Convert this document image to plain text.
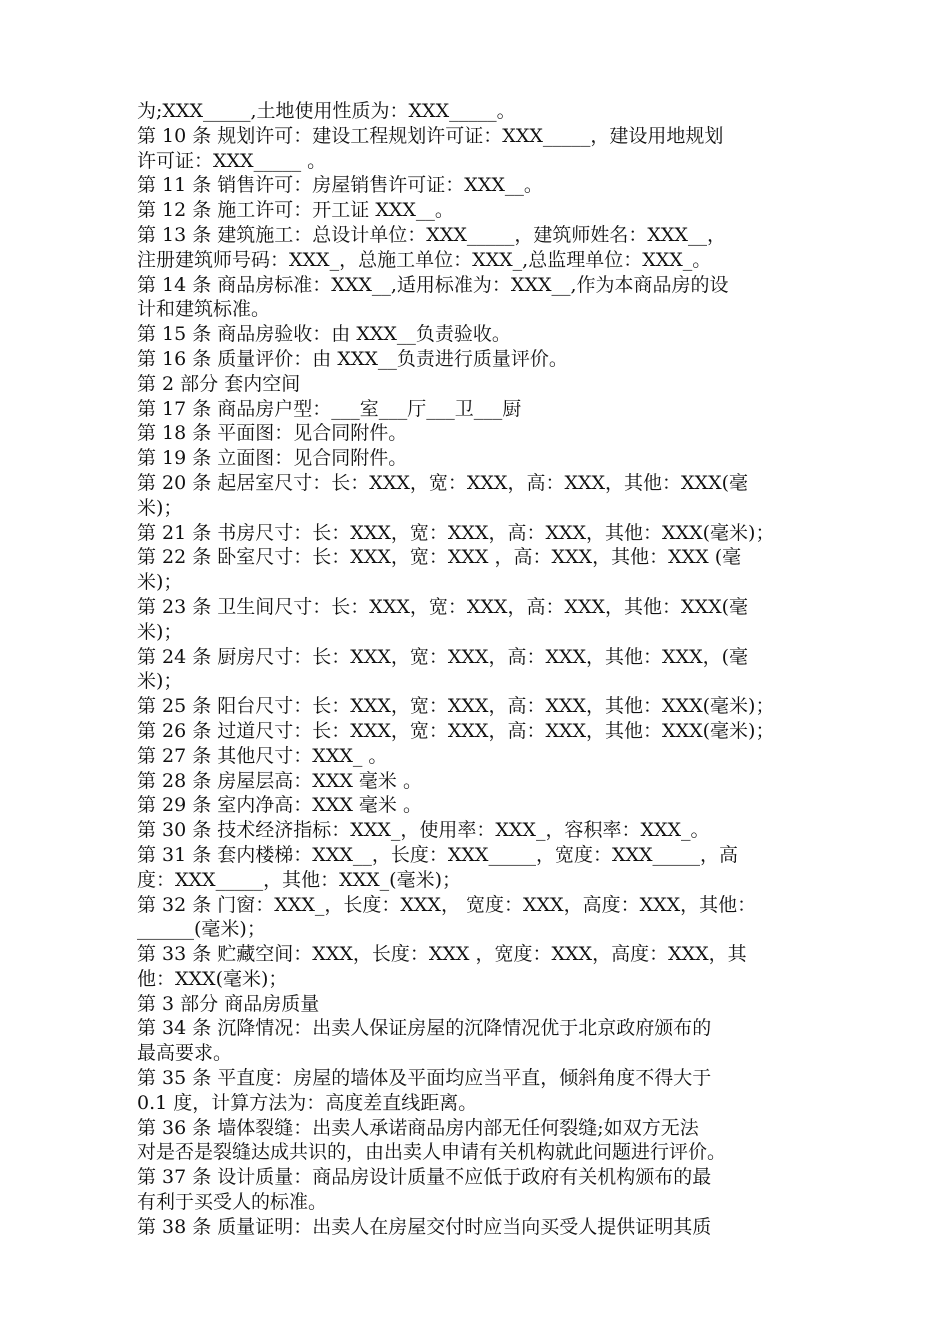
为;XXX_____,土地使用性质为：XXX_____。
第 10 条 规划许可：建设工程规划许可证：XXX_____，建设用地规划
许可证：XXX_____ 。
第 11 条 销售许可：房屋销售许可证：XXX__。
第 12 条 施工许可：开工证 XXX__。
第 13 条 建筑施工：总设计单位：XXX_____，建筑师姓名：XXX__，
注册建筑师号码：XXX_，总施工单位：XXX_,总监理单位：XXX_。
第 14 条 商品房标准：XXX__,适用标准为：XXX__,作为本商品房的设
计和建筑标准。
第 15 条 商品房验收：由 XXX__负责验收。
第 16 条 质量评价：由 XXX__负责进行质量评价。
第 2 部分 套内空间
第 17 条 商品房户型：___室___厅___卫___厨
第 18 条 平面图：见合同附件。
第 19 条 立面图：见合同附件。
第 20 条 起居室尺寸：长：XXX，宽：XXX，高：XXX，其他：XXX(毫
米)；
第 21 条 书房尺寸：长：XXX，宽：XXX，高：XXX，其他：XXX(毫米)；
第 22 条 卧室尺寸：长：XXX，宽：XXX ，高：XXX，其他：XXX (毫
米)；
第 23 条 卫生间尺寸：长：XXX，宽：XXX，高：XXX，其他：XXX(毫
米)；
第 24 条 厨房尺寸：长：XXX，宽：XXX，高：XXX，其他：XXX，(毫
米)；
第 25 条 阳台尺寸：长：XXX，宽：XXX，高：XXX，其他：XXX(毫米)；
第 26 条 过道尺寸：长：XXX，宽：XXX，高：XXX，其他：XXX(毫米)；
第 27 条 其他尺寸：XXX_ 。
第 28 条 房屋层高：XXX 毫米 。
第 29 条 室内净高：XXX 毫米 。
第 30 条 技术经济指标：XXX_，使用率：XXX_，容积率：XXX_。
第 31 条 套内楼梯：XXX__，长度：XXX_____，宽度：XXX_____，高
度：XXX_____，其他：XXX_(毫米)；
第 32 条 门窗：XXX_，长度：XXX， 宽度：XXX，高度：XXX，其他：
______(毫米)；
第 33 条 贮藏空间：XXX，长度：XXX ，宽度：XXX，高度：XXX，其
他：XXX(毫米)；
第 3 部分 商品房质量
第 34 条 沉降情况：出卖人保证房屋的沉降情况优于北京政府颁布的
最高要求。
第 35 条 平直度：房屋的墙体及平面均应当平直，倾斜角度不得大于
0.1 度，计算方法为：高度差直线距离。
第 36 条 墙体裂缝：出卖人承诺商品房内部无任何裂缝;如双方无法
对是否是裂缝达成共识的，由出卖人申请有关机构就此问题进行评价。
第 37 条 设计质量：商品房设计质量不应低于政府有关机构颁布的最
有利于买受人的标准。
第 38 条 质量证明：出卖人在房屋交付时应当向买受人提供证明其质
